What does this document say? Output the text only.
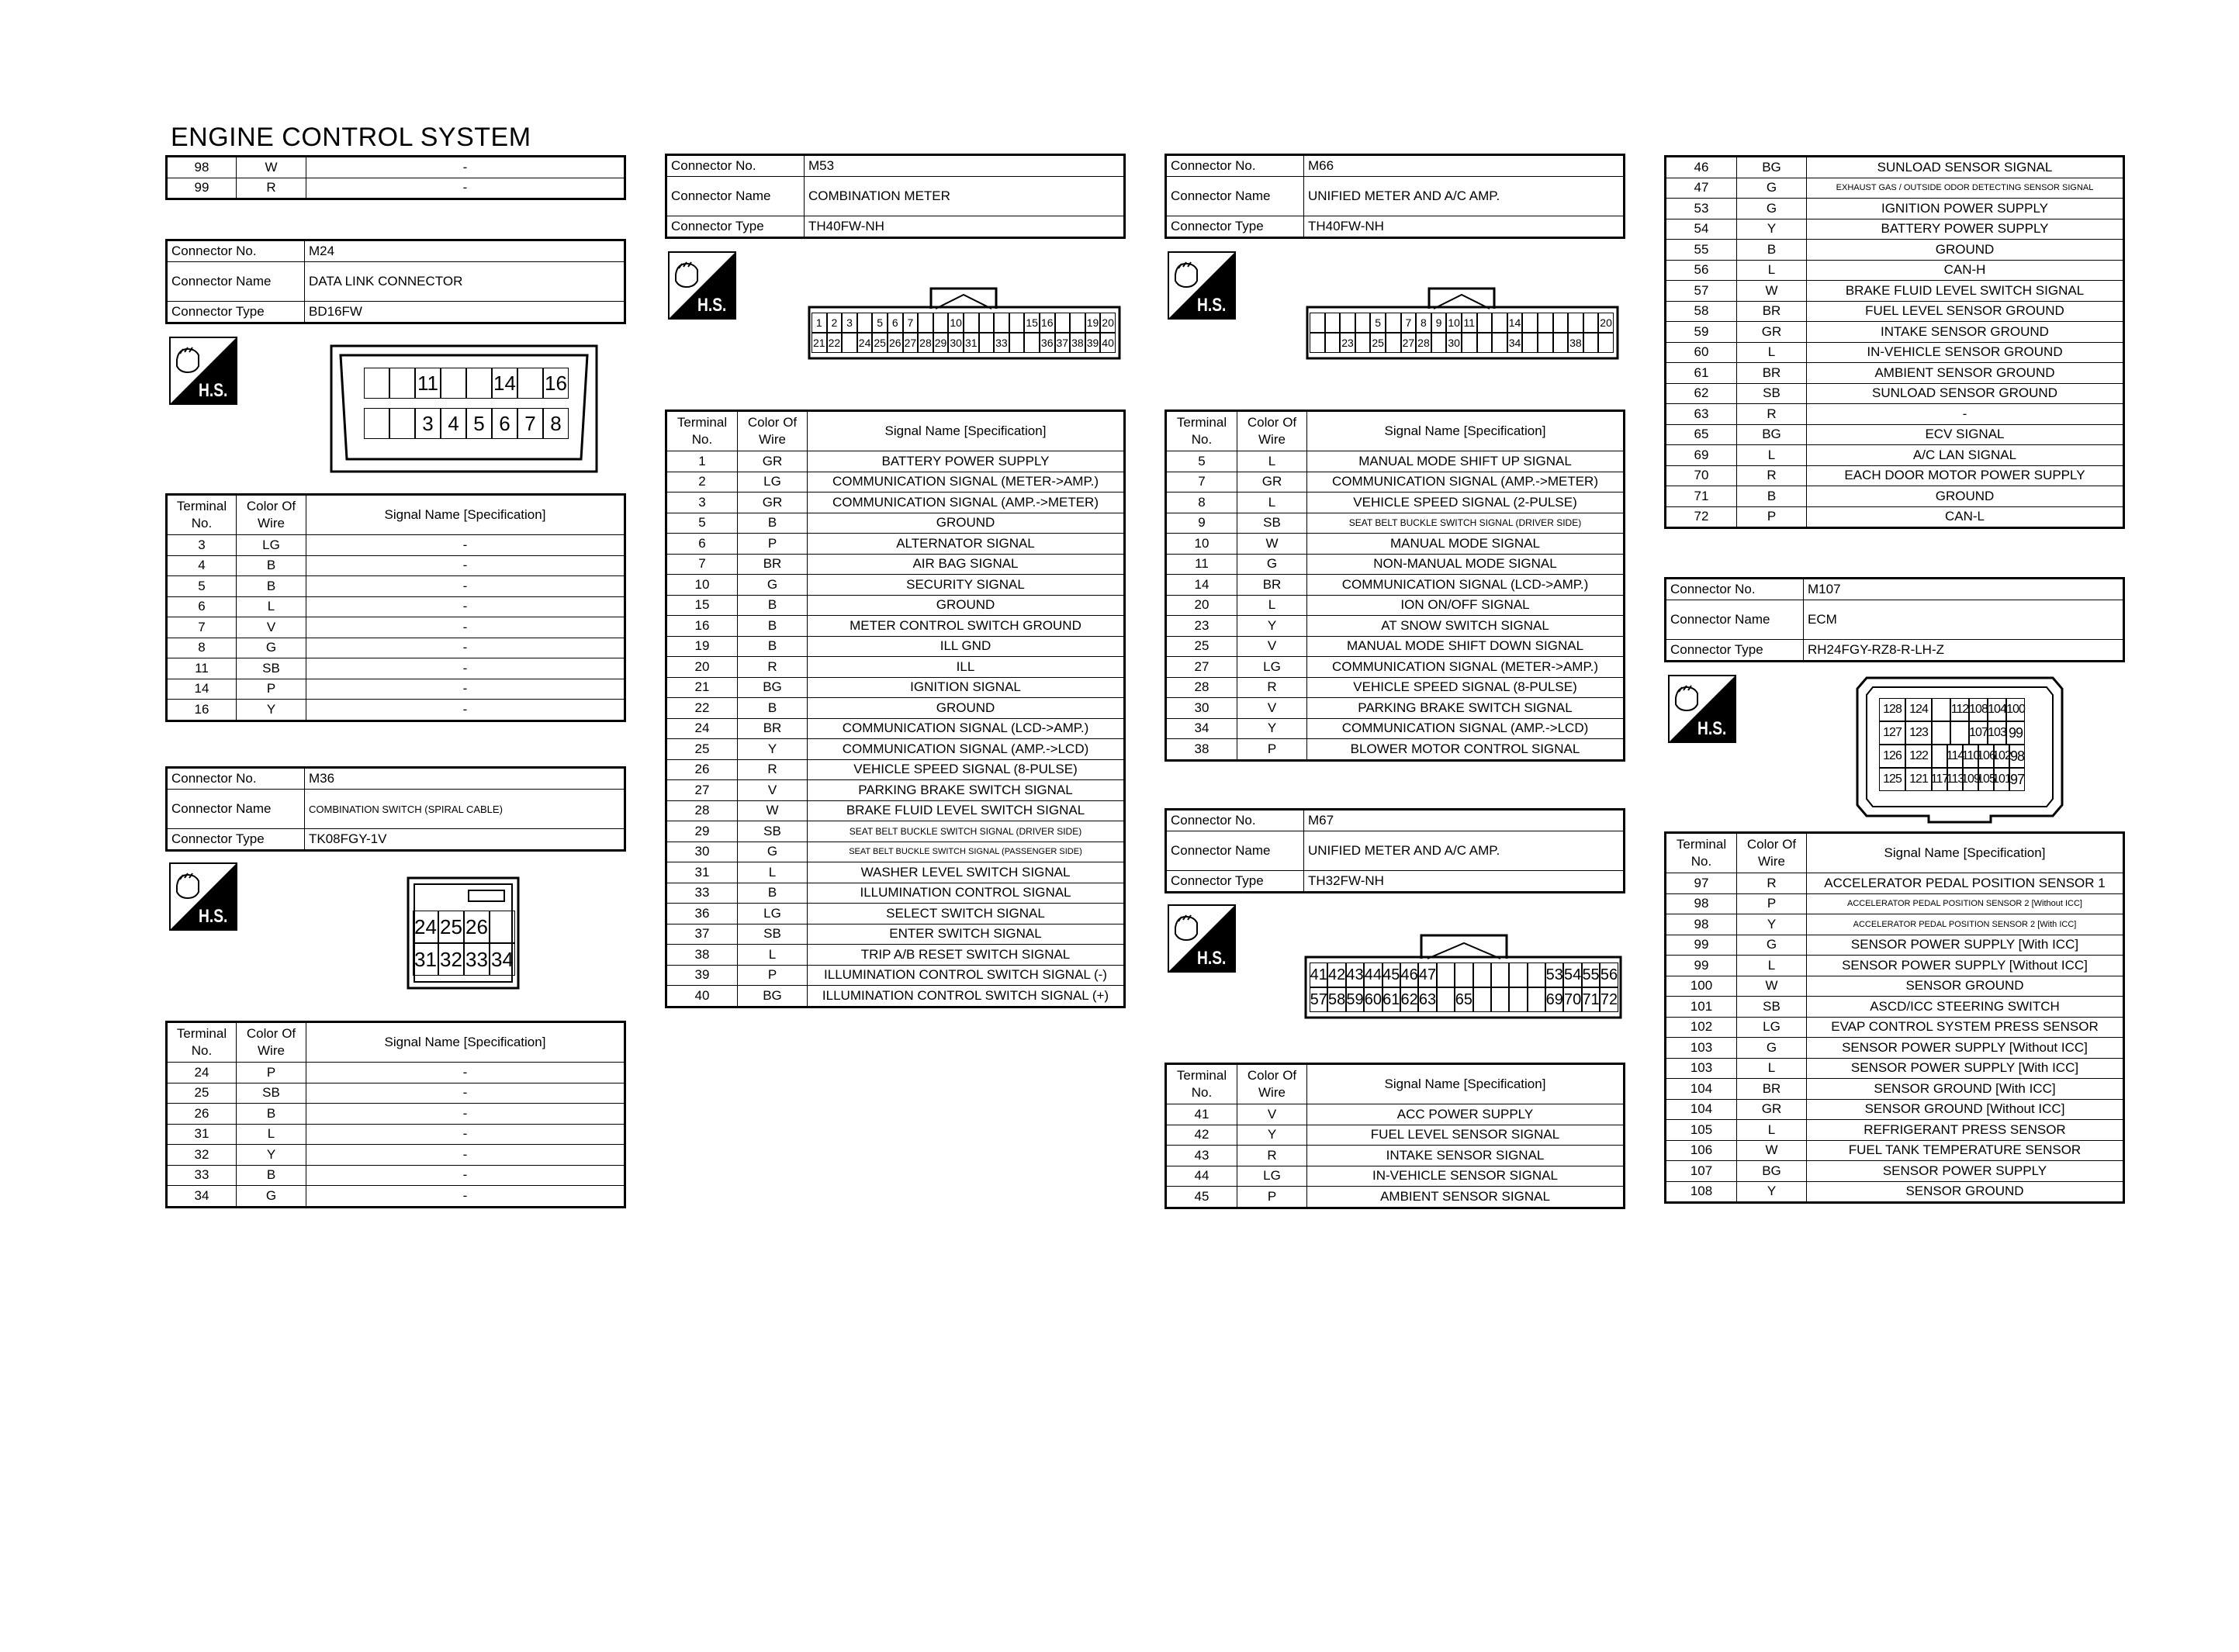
ENGINE CONTROL SYSTEM
98	W	-
99	R	-
Connector No.	M24
Connector Name	DATA LINK CONNECTOR
Connector Type	BD16FW
H.S.	11	14 16
3 4 5 6 7 8
Terminal No.	Color Of Wire	Signal Name [Specification]
3	LG	-
4	B	-
5	B	-
6	L	-
7	V	-
8	G	-
11	SB	-
14	P	-
16	Y	-
Connector No.	M36
Connector Name	COMBINATION SWITCH (SPIRAL CABLE)
Connector Type	TK08FGY-1V
H.S.	24 25 26
31 32 33 34
Terminal No.	Color Of Wire	Signal Name [Specification]
24	P	-
25	SB	-
26	B	-
31	L	-
32	Y	-
33	B	-
34	G	-
Connector No.	M53
Connector Name	COMBINATION METER
Connector Type	TH40FW-NH
H.S.
1 2 3	5 6 7	10	15 16	19 20
21 22 24 25 26 27 28 29 30 31 33	36 37 38 39 40
Terminal No.	Color Of Wire	Signal Name [Specification]
1	GR	BATTERY POWER SUPPLY
2	LG	COMMUNICATION SIGNAL (METER->AMP.)
3	GR	COMMUNICATION SIGNAL (AMP.->METER)
5	B	GROUND
6	P	ALTERNATOR SIGNAL
7	BR	AIR BAG SIGNAL
10	G	SECURITY SIGNAL
15	B	GROUND
16	B	METER CONTROL SWITCH GROUND
19	B	ILL GND
20	R	ILL
21	BG	IGNITION SIGNAL
22	B	GROUND
24	BR	COMMUNICATION SIGNAL (LCD->AMP.)
25	Y	COMMUNICATION SIGNAL (AMP.->LCD)
26	R	VEHICLE SPEED SIGNAL (8-PULSE)
27	V	PARKING BRAKE SWITCH SIGNAL
28	W	BRAKE FLUID LEVEL SWITCH SIGNAL
29	SB	SEAT BELT BUCKLE SWITCH SIGNAL (DRIVER SIDE)
30	G	SEAT BELT BUCKLE SWITCH SIGNAL (PASSENGER SIDE)
31	L	WASHER LEVEL SWITCH SIGNAL
33	B	ILLUMINATION CONTROL SIGNAL
36	LG	SELECT SWITCH SIGNAL
37	SB	ENTER SWITCH SIGNAL
38	L	TRIP A/B RESET SWITCH SIGNAL
39	P	ILLUMINATION CONTROL SWITCH SIGNAL (-)
40	BG	ILLUMINATION CONTROL SWITCH SIGNAL (+)
Connector No.	M66
Connector Name	UNIFIED METER AND A/C AMP.
Connector Type	TH40FW-NH
H.S.
5	7 8 9 10 11	14	20
23 25 27 28 30	34	38
Terminal No.	Color Of Wire	Signal Name [Specification]
5	L	MANUAL MODE SHIFT UP SIGNAL
7	GR	COMMUNICATION SIGNAL (AMP.->METER)
8	L	VEHICLE SPEED SIGNAL (2-PULSE)
9	SB	SEAT BELT BUCKLE SWITCH SIGNAL (DRIVER SIDE)
10	W	MANUAL MODE SIGNAL
11	G	NON-MANUAL MODE SIGNAL
14	BR	COMMUNICATION SIGNAL (LCD->AMP.)
20	L	ION ON/OFF SIGNAL
23	Y	AT SNOW SWITCH SIGNAL
25	V	MANUAL MODE SHIFT DOWN SIGNAL
27	LG	COMMUNICATION SIGNAL (METER->AMP.)
28	R	VEHICLE SPEED SIGNAL (8-PULSE)
30	V	PARKING BRAKE SWITCH SIGNAL
34	Y	COMMUNICATION SIGNAL (AMP.->LCD)
38	P	BLOWER MOTOR CONTROL SIGNAL
Connector No.	M67
Connector Name	UNIFIED METER AND A/C AMP.
Connector Type	TH32FW-NH
H.S.
41 42 43 44 45 46 47	53 54 55 56
57 58 59 60 61 62 63 65	69 70 71 72
Terminal No.	Color Of Wire	Signal Name [Specification]
41	V	ACC POWER SUPPLY
42	Y	FUEL LEVEL SENSOR SIGNAL
43	R	INTAKE SENSOR SIGNAL
44	LG	IN-VEHICLE SENSOR SIGNAL
45	P	AMBIENT SENSOR SIGNAL
46	BG	SUNLOAD SENSOR SIGNAL
47	G	EXHAUST GAS / OUTSIDE ODOR DETECTING SENSOR SIGNAL
53	G	IGNITION POWER SUPPLY
54	Y	BATTERY POWER SUPPLY
55	B	GROUND
56	L	CAN-H
57	W	BRAKE FLUID LEVEL SWITCH SIGNAL
58	BR	FUEL LEVEL SENSOR GROUND
59	GR	INTAKE SENSOR GROUND
60	L	IN-VEHICLE SENSOR GROUND
61	BR	AMBIENT SENSOR GROUND
62	SB	SUNLOAD SENSOR GROUND
63	R	-
65	BG	ECV SIGNAL
69	L	A/C LAN SIGNAL
70	R	EACH DOOR MOTOR POWER SUPPLY
71	B	GROUND
72	P	CAN-L
Connector No.	M107
Connector Name	ECM
Connector Type	RH24FGY-RZ8-R-LH-Z
H.S.
128 124	112 108 104 100
127 123	107 103 99
126 122	114
110
106
102 98
125 121 117
113
109
105
101 97
Terminal No.	Color Of Wire	Signal Name [Specification]
97	R	ACCELERATOR PEDAL POSITION SENSOR 1
98	P	ACCELERATOR PEDAL POSITION SENSOR 2 [Without ICC]
98	Y	ACCELERATOR PEDAL POSITION SENSOR 2 [With ICC]
99	G	SENSOR POWER SUPPLY [With ICC]
99	L	SENSOR POWER SUPPLY [Without ICC]
100	W	SENSOR GROUND
101	SB	ASCD/ICC STEERING SWITCH
102	LG	EVAP CONTROL SYSTEM PRESS SENSOR
103	G	SENSOR POWER SUPPLY [Without ICC]
103	L	SENSOR POWER SUPPLY [With ICC]
104	BR	SENSOR GROUND [With ICC]
104	GR	SENSOR GROUND [Without ICC]
105	L	REFRIGERANT PRESS SENSOR
106	W	FUEL TANK TEMPERATURE SENSOR
107	BG	SENSOR POWER SUPPLY
108	Y	SENSOR GROUND
